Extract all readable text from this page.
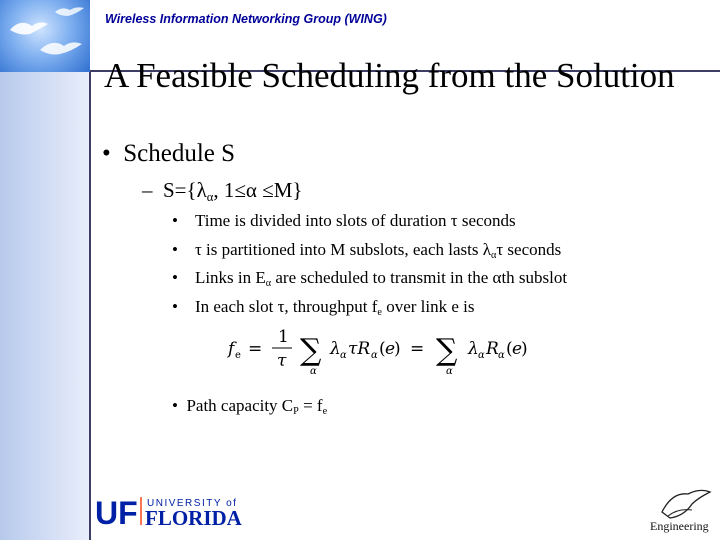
Wireless Information Networking Group (WING)
A Feasible Scheduling from the Solution
•  Schedule S
–  $S=\{\lambda_\alpha$, 1≤α ≤M}
•    Time is divided into slots of duration τ seconds
•    τ is partitioned into M subslots, each lasts $\lambda_\alpha\tau$ seconds
•    Links in $E_\alpha$ are scheduled to transmit in the αth subslot
•    In each slot τ, throughput $f_e$ over link e is
f e =
1
τ ∑
α
λ α τR α ( e
) = ∑
α
λ α R α ( e
)
•  Path capacity $C_P = f_e$
UF UNIVERSITY of
FLORIDA	Engineering
